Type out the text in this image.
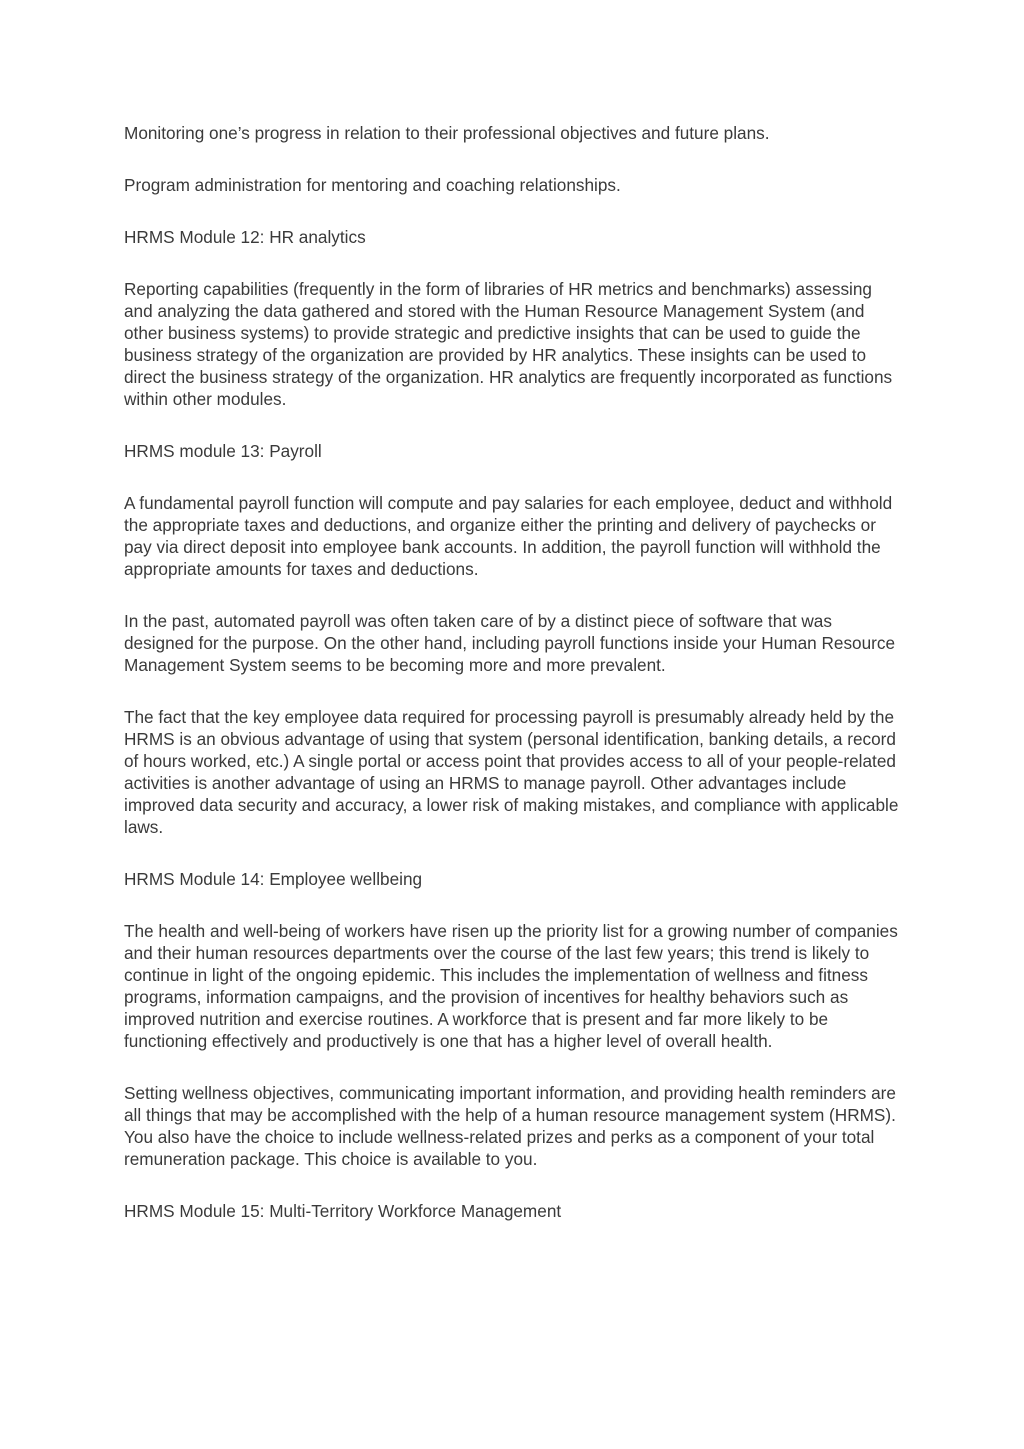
Monitoring one’s progress in relation to their professional objectives and future plans.

Program administration for mentoring and coaching relationships.

HRMS Module 12: HR analytics

Reporting capabilities (frequently in the form of libraries of HR metrics and benchmarks) assessing and analyzing the data gathered and stored with the Human Resource Management System (and other business systems) to provide strategic and predictive insights that can be used to guide the business strategy of the organization are provided by HR analytics. These insights can be used to direct the business strategy of the organization. HR analytics are frequently incorporated as functions within other modules.

HRMS module 13: Payroll

A fundamental payroll function will compute and pay salaries for each employee, deduct and withhold the appropriate taxes and deductions, and organize either the printing and delivery of paychecks or pay via direct deposit into employee bank accounts. In addition, the payroll function will withhold the appropriate amounts for taxes and deductions.

In the past, automated payroll was often taken care of by a distinct piece of software that was designed for the purpose. On the other hand, including payroll functions inside your Human Resource Management System seems to be becoming more and more prevalent.

The fact that the key employee data required for processing payroll is presumably already held by the HRMS is an obvious advantage of using that system (personal identification, banking details, a record of hours worked, etc.) A single portal or access point that provides access to all of your people-related activities is another advantage of using an HRMS to manage payroll. Other advantages include improved data security and accuracy, a lower risk of making mistakes, and compliance with applicable laws.

HRMS Module 14: Employee wellbeing

The health and well-being of workers have risen up the priority list for a growing number of companies and their human resources departments over the course of the last few years; this trend is likely to continue in light of the ongoing epidemic. This includes the implementation of wellness and fitness programs, information campaigns, and the provision of incentives for healthy behaviors such as improved nutrition and exercise routines. A workforce that is present and far more likely to be functioning effectively and productively is one that has a higher level of overall health.

Setting wellness objectives, communicating important information, and providing health reminders are all things that may be accomplished with the help of a human resource management system (HRMS). You also have the choice to include wellness-related prizes and perks as a component of your total remuneration package. This choice is available to you.

HRMS Module 15: Multi-Territory Workforce Management
